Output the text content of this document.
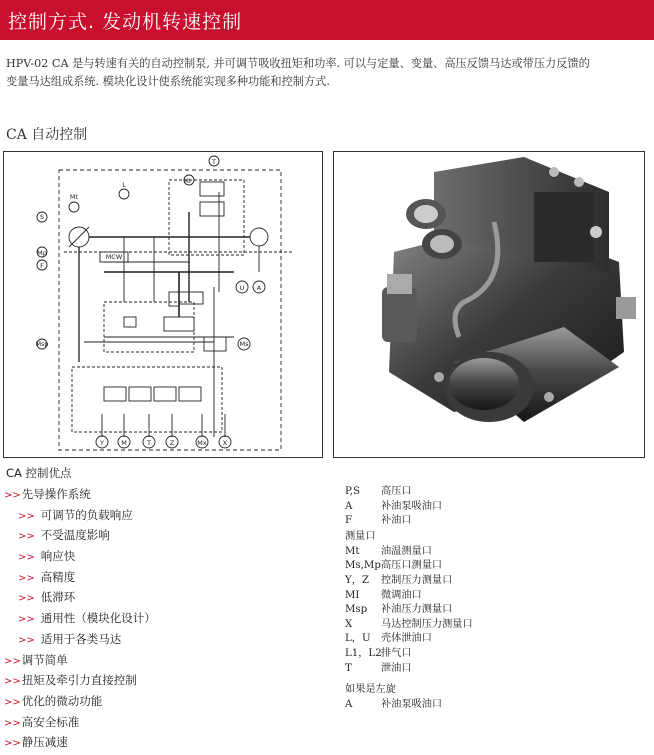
控制方式. 发动机转速控制
HPV-02 CA 是与转速有关的自动控制泵, 并可调节吸收扭矩和功率. 可以与定量、变量、高压反馈马达或带压力反馈的
变量马达组成系统. 模块化设计使系统能实现多种功能和控制方式.
CA 自动控制
Mt
L
T
MI
S
Mp
F
U A
Ms
Msp
MCW
Y	M	T	Z	Mx X
CA 控制优点
>>先导操作系统
>> 可调节的负载响应
>> 不受温度影响
>> 响应快
>> 高精度
>> 低滞环
>> 通用性（模块化设计）
>> 适用于各类马达
>>调节简单
>>扭矩及牵引力直接控制
>>优化的微动功能
>>高安全标准
>>静压减速
P,S 高压口
A	补油泵吸油口
F	补油口
测量口
Mt 油温测量口
Ms,Mp高压口测量口
Y，Z 控制压力测量口
MI 微调油口
Msp 补油压力测量口
X	马达控制压力测量口
L，U 壳体泄油口
L1，L2排气口
T	泄油口
如果是左旋
A	补油泵吸油口
